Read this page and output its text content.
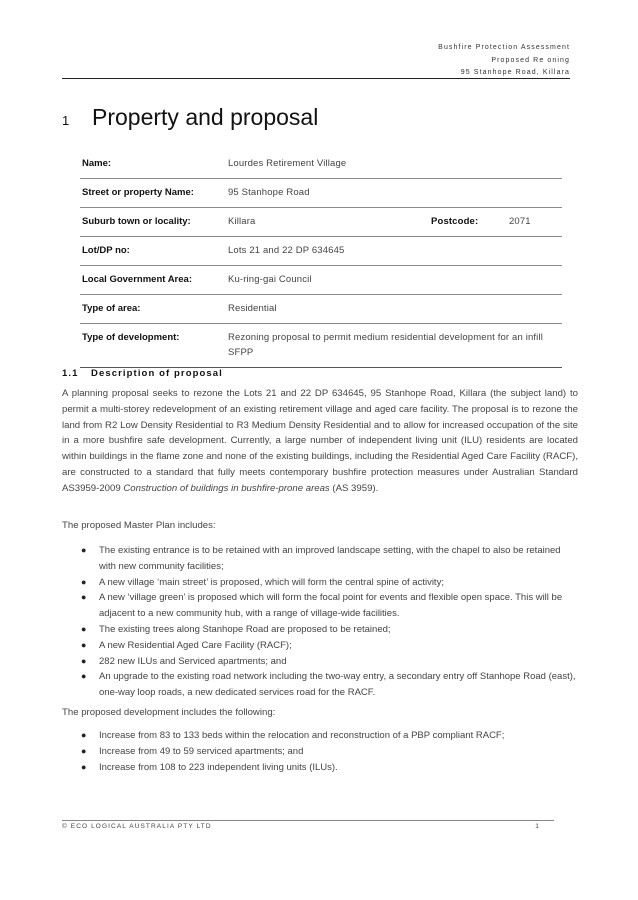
Bushfire Protection Assessment
Proposed Re oning
95 Stanhope Road, Killara
1 Property and proposal
Name:	Lourdes Retirement Village
Street or property Name:	95 Stanhope Road
Suburb town or locality:	Killara Postcode: 2071
Lot/DP no:	Lots 21 and 22 DP 634645
Local Government Area:	Ku-ring-gai Council
Type of area:	Residential
Type of development:	Rezoning proposal to permit medium residential development for an infill SFPP
1.1 Description of proposal
A planning proposal seeks to rezone the Lots 21 and 22 DP 634645, 95 Stanhope Road, Killara (the subject land) to permit a multi-storey redevelopment of an existing retirement village and aged care facility. The proposal is to rezone the land from R2 Low Density Residential to R3 Medium Density Residential and to allow for increased occupation of the site in a more bushfire safe development. Currently, a large number of independent living unit (ILU) residents are located within buildings in the flame zone and none of the existing buildings, including the Residential Aged Care Facility (RACF), are constructed to a standard that fully meets contemporary bushfire protection measures under Australian Standard AS3959-2009 Construction of buildings in bushfire-prone areas (AS 3959).
The proposed Master Plan includes:
● The existing entrance is to be retained with an improved landscape setting, with the chapel to also be retained with new community facilities;
● A new village ‘main street’ is proposed, which will form the central spine of activity;
● A new ‘village green’ is proposed which will form the focal point for events and flexible open space. This will be adjacent to a new community hub, with a range of village-wide facilities.
● The existing trees along Stanhope Road are proposed to be retained;
● A new Residential Aged Care Facility (RACF);
● 282 new ILUs and Serviced apartments; and
● An upgrade to the existing road network including the two-way entry, a secondary entry off Stanhope Road (east), one-way loop roads, a new dedicated services road for the RACF.
The proposed development includes the following:
● Increase from 83 to 133 beds within the relocation and reconstruction of a PBP compliant RACF;
● Increase from 49 to 59 serviced apartments; and
● Increase from 108 to 223 independent living units (ILUs).
© ECO LOGICAL AUSTRALIA PTY LTD	1
